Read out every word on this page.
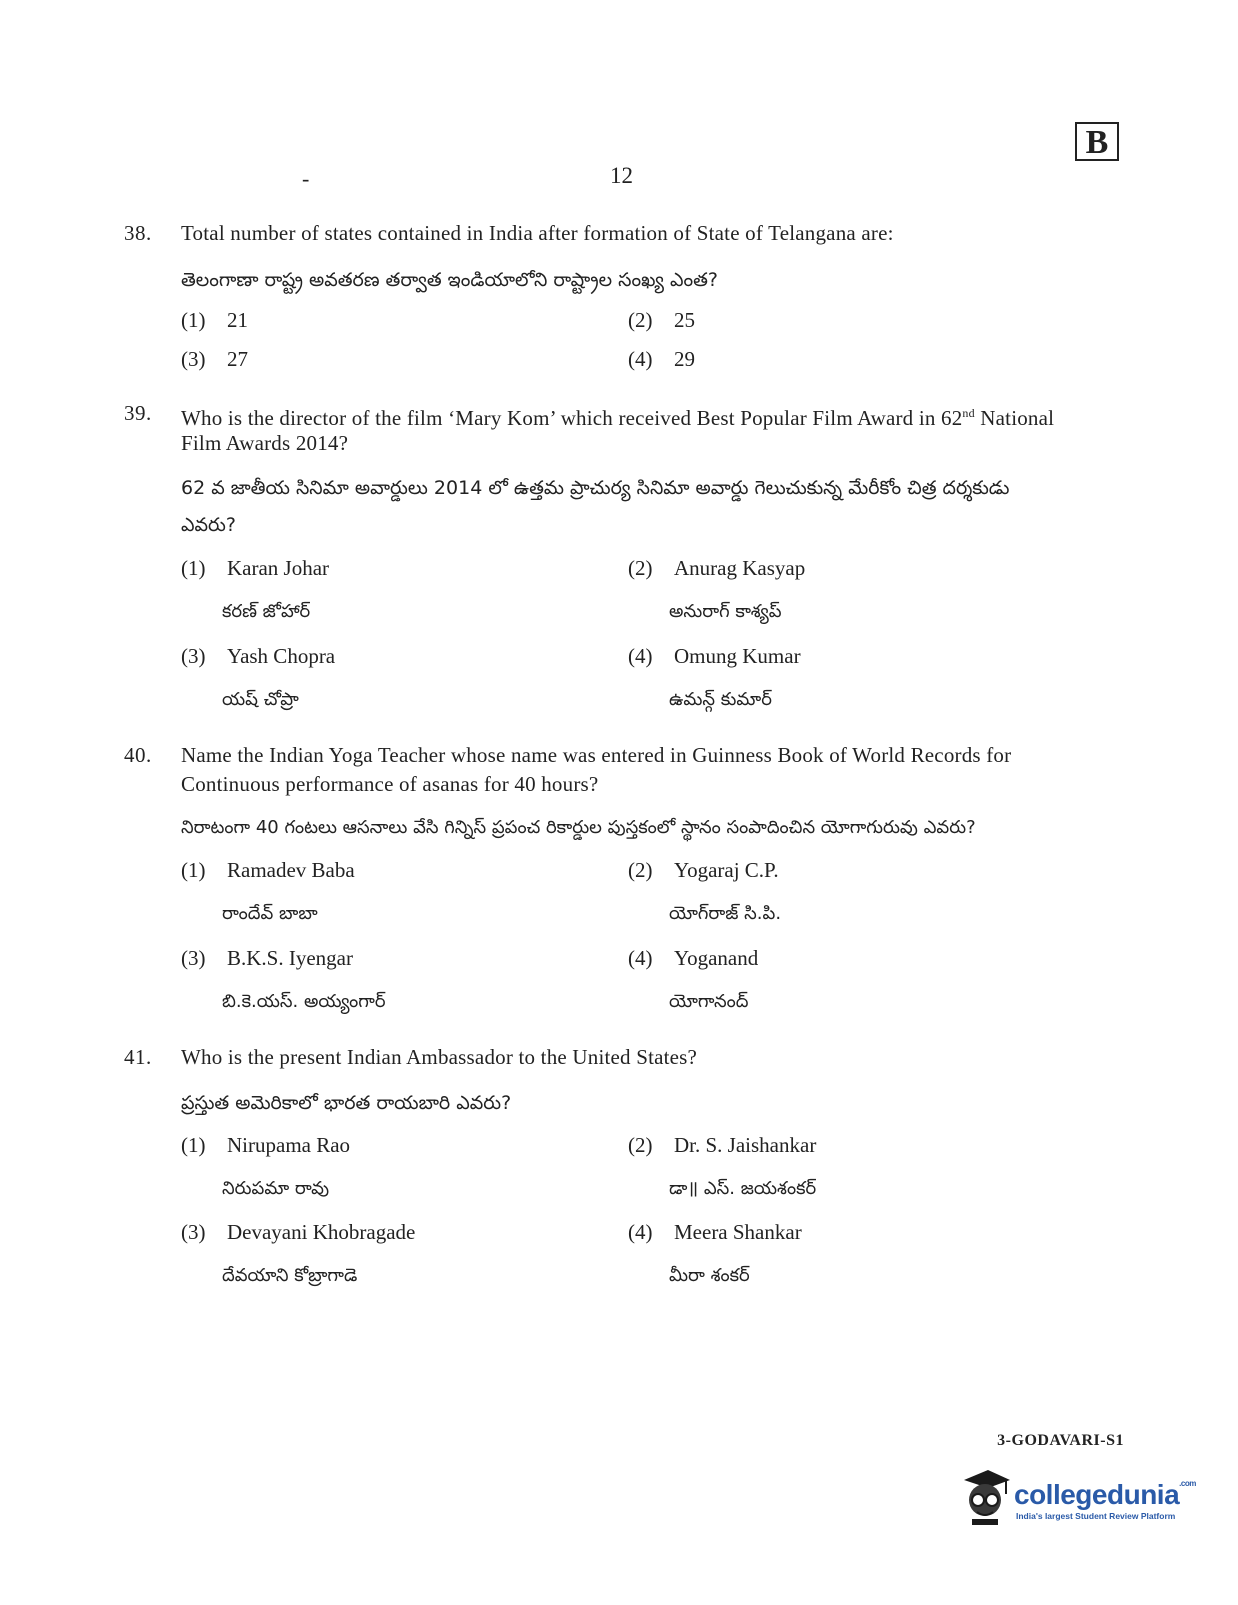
B
-	12
38. Total number of states contained in India after formation of State of Telangana are:
తెలంగాణా రాష్ట్ర అవతరణ తర్వాత ఇండియాలోని రాష్ట్రాల సంఖ్య ఎంత?
(1) 21	(2) 25
(3) 27	(4) 29
39. Who is the director of the film ‘Mary Kom’ which received Best Popular Film Award in 62nd National
Film Awards 2014?
62 వ జాతీయ సినిమా అవార్డులు 2014 లో ఉత్తమ ప్రాచుర్య సినిమా అవార్డు గెలుచుకున్న మేరీకోం చిత్ర దర్శకుడు
ఎవరు?
(1) Karan Johar
కరణ్ జోహార్
(2) Anurag Kasyap
అనురాగ్ కాశ్యప్
(3) Yash Chopra
యష్ చోప్రా
(4) Omung Kumar
ఉమన్గ్ కుమార్
40. Name the Indian Yoga Teacher whose name was entered in Guinness Book of World Records for
Continuous performance of asanas for 40 hours?
నిరాటంగా 40 గంటలు ఆసనాలు వేసి గిన్నిస్ ప్రపంచ రికార్డుల పుస్తకంలో స్థానం సంపాదించిన యోగాగురువు ఎవరు?
(1) Ramadev Baba
రాందేవ్ బాబా
(2) Yogaraj C.P.
యోగ్‌రాజ్ సి.పి.
(3) B.K.S. Iyengar
బి.కె.యస్. అయ్యంగార్
(4) Yoganand
యోగానంద్
41. Who is the present Indian Ambassador to the United States?
ప్రస్తుత అమెరికాలో భారత రాయబారి ఎవరు?
(1) Nirupama Rao
నిరుపమా రావు
(2) Dr. S. Jaishankar
డా॥ ఎస్. జయశంకర్
(3) Devayani Khobragade
దేవయాని కోబ్రాగాడె
(4) Meera Shankar
మీరా శంకర్
3-GODAVARI-S1
collegedunia$^{.com}$
India's largest Student Review Platform
